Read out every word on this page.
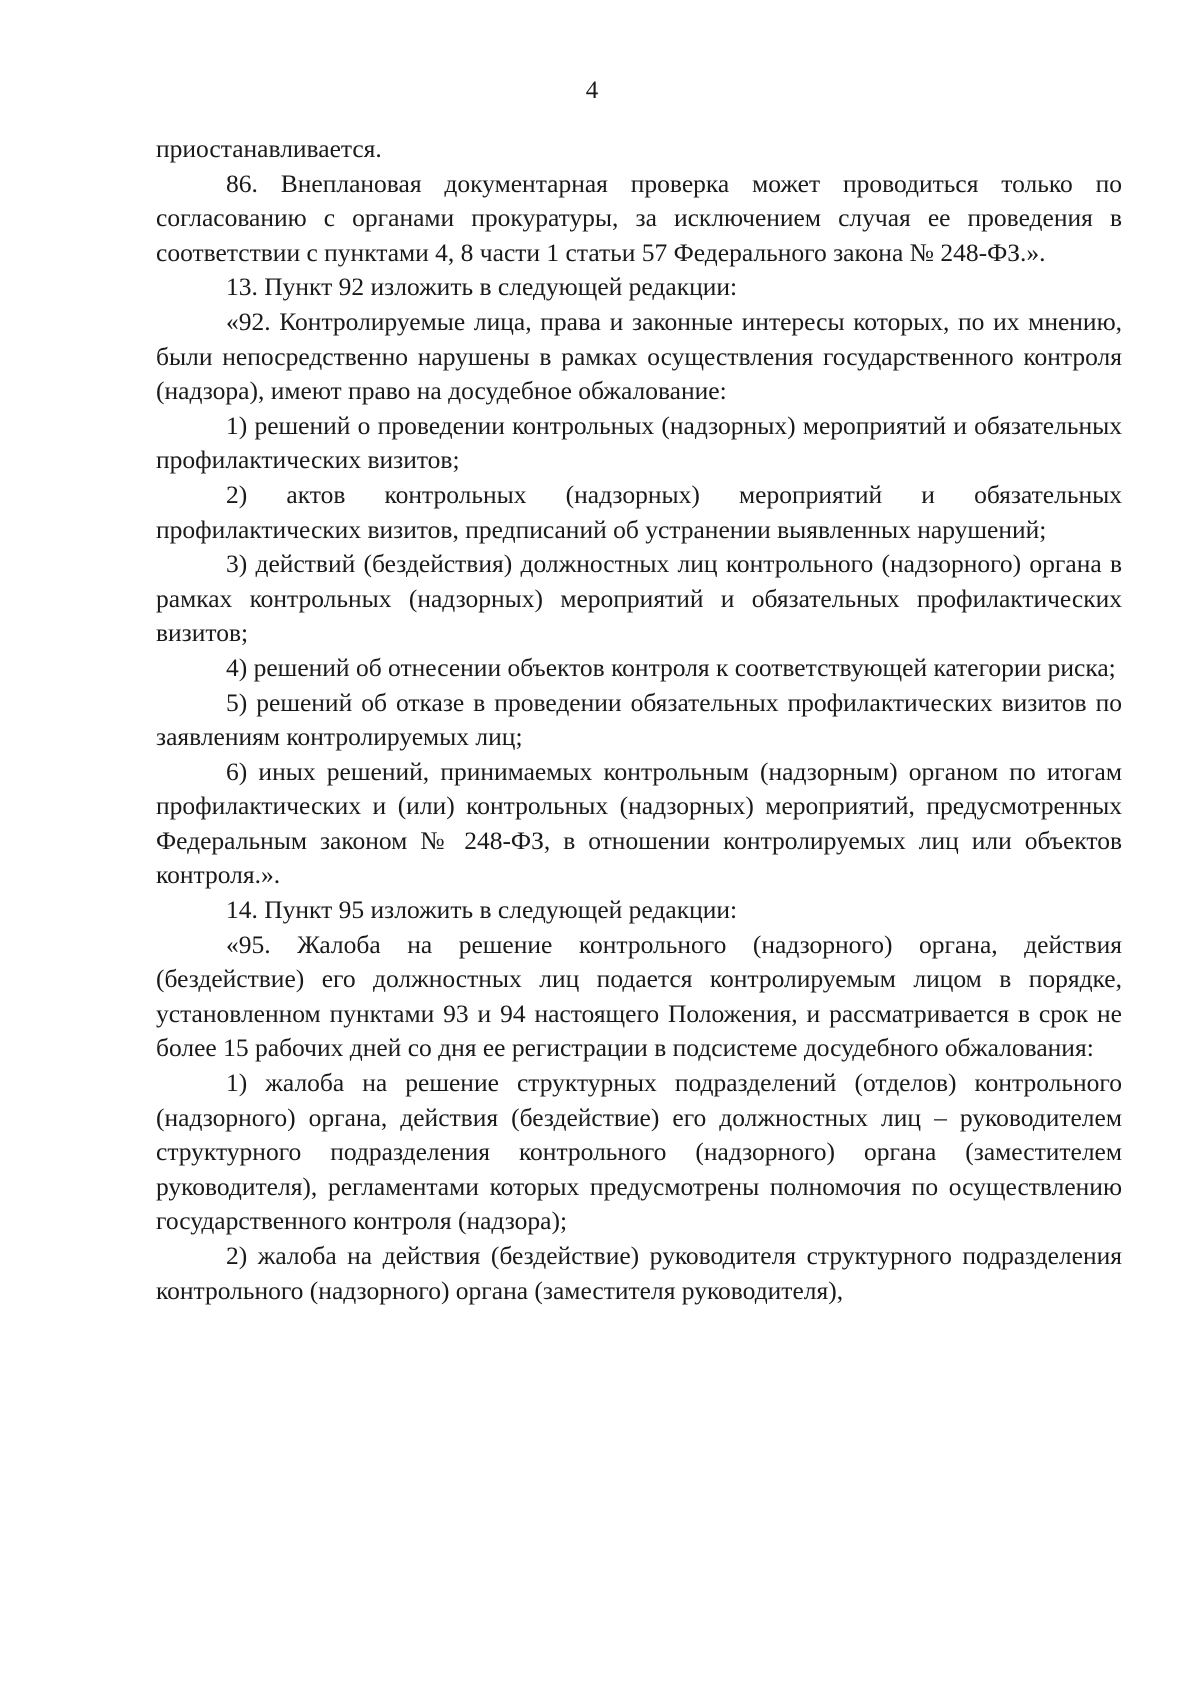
4

приостанавливается.

86. Внеплановая документарная проверка может проводиться только по согласованию с органами прокуратуры, за исключением случая ее проведения в соответствии с пунктами 4, 8 части 1 статьи 57 Федерального закона № 248-ФЗ.».

13. Пункт 92 изложить в следующей редакции:

«92. Контролируемые лица, права и законные интересы которых, по их мнению, были непосредственно нарушены в рамках осуществления государственного контроля (надзора), имеют право на досудебное обжалование:

1) решений о проведении контрольных (надзорных) мероприятий и обязательных профилактических визитов;

2) актов контрольных (надзорных) мероприятий и обязательных профилактических визитов, предписаний об устранении выявленных нарушений;

3) действий (бездействия) должностных лиц контрольного (надзорного) органа в рамках контрольных (надзорных) мероприятий и обязательных профилактических визитов;

4) решений об отнесении объектов контроля к соответствующей категории риска;

5) решений об отказе в проведении обязательных профилактических визитов по заявлениям контролируемых лиц;

6) иных решений, принимаемых контрольным (надзорным) органом по итогам профилактических и (или) контрольных (надзорных) мероприятий, предусмотренных Федеральным законом № 248-ФЗ, в отношении контролируемых лиц или объектов контроля.».

14. Пункт 95 изложить в следующей редакции:

«95. Жалоба на решение контрольного (надзорного) органа, действия (бездействие) его должностных лиц подается контролируемым лицом в порядке, установленном пунктами 93 и 94 настоящего Положения, и рассматривается в срок не более 15 рабочих дней со дня ее регистрации в подсистеме досудебного обжалования:

1) жалоба на решение структурных подразделений (отделов) контрольного (надзорного) органа, действия (бездействие) его должностных лиц – руководителем структурного подразделения контрольного (надзорного) органа (заместителем руководителя), регламентами которых предусмотрены полномочия по осуществлению государственного контроля (надзора);

2) жалоба на действия (бездействие) руководителя структурного подразделения контрольного (надзорного) органа (заместителя руководителя),
